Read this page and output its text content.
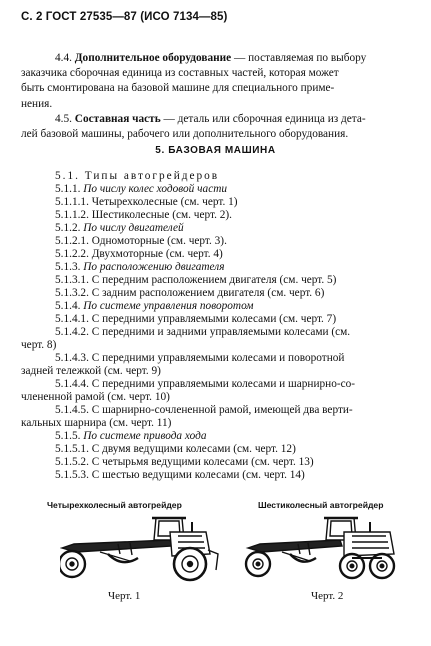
С. 2 ГОСТ 27535—87 (ИСО 7134—85)
4.4. Дополнительное оборудование — поставляемая по выбору
заказчика сборочная единица из составных частей, которая может
быть смонтирована на базовой машине для специального приме-
нения.
4.5. Составная часть — деталь или сборочная единица из дета-
лей базовой машины, рабочего или дополнительного оборудования.
5. БАЗОВАЯ МАШИНА
5.1. Типы автогрейдеров
5.1.1. По числу колес ходовой части
5.1.1.1. Четырехколесные (см. черт. 1)
5.1.1.2. Шестиколесные (см. черт. 2).
5.1.2. По числу двигателей
5.1.2.1. Одномоторные (см. черт. 3).
5.1.2.2. Двухмоторные (см. черт. 4)
5.1.3. По расположению двигателя
5.1.3.1. С передним расположением двигателя (см. черт. 5)
5.1.3.2. С задним расположением двигателя (см. черт. 6)
5.1.4. По системе управления поворотом
5.1.4.1. С передними управляемыми колесами (см. черт. 7)
5.1.4.2. С передними и задними управляемыми колесами (см.
черт. 8)
5.1.4.3. С передними управляемыми колесами и поворотной
задней тележкой (см. черт. 9)
5.1.4.4. С передними управляемыми колесами и шарнирно-со-
члененной рамой (см. черт. 10)
5.1.4.5. С шарнирно-сочлененной рамой, имеющей два верти-
кальных шарнира (см. черт. 11)
5.1.5. По системе привода хода
5.1.5.1. С двумя ведущими колесами (см. черт. 12)
5.1.5.2. С четырьмя ведущими колесами (см. черт. 13)
5.1.5.3. С шестью ведущими колесами (см. черт. 14)
Четырехколесный автогрейдер	Шестиколесный автогрейдер
Черт. 1	Черт. 2
